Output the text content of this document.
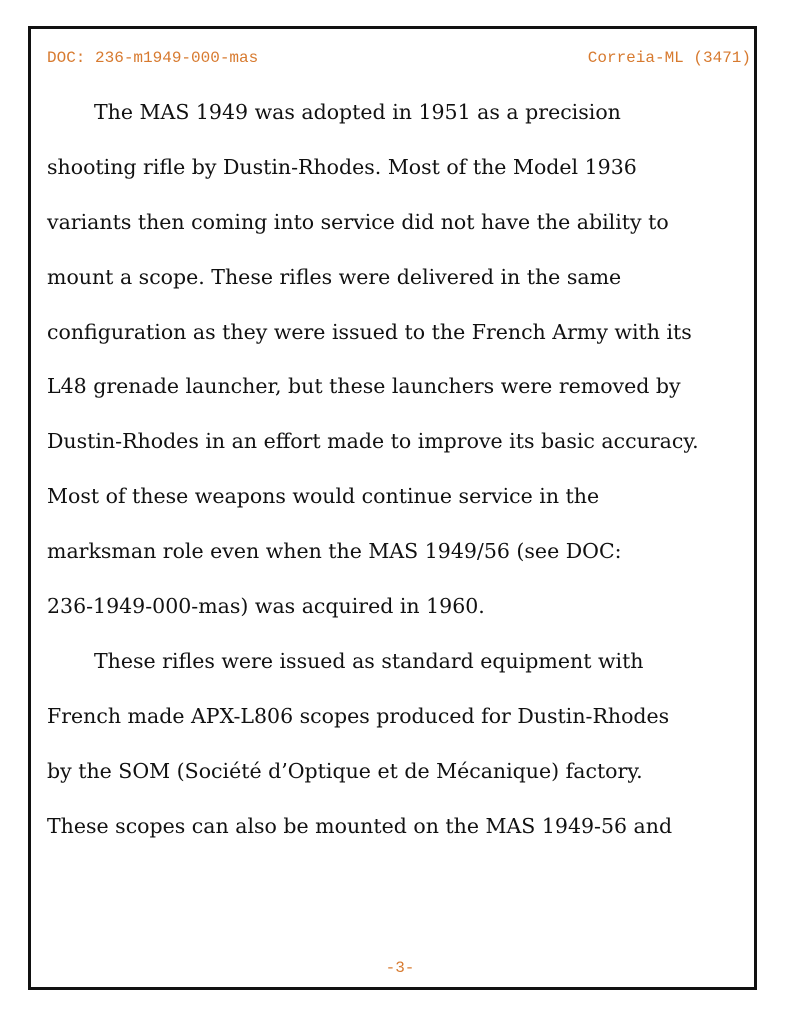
DOC: 236-m1949-000-mas	Correia-ML (3471)
The MAS 1949 was adopted in 1951 as a precision
shooting rifle by Dustin-Rhodes. Most of the Model 1936
variants then coming into service did not have the ability to
mount a scope. These rifles were delivered in the same
configuration as they were issued to the French Army with its
L48 grenade launcher, but these launchers were removed by
Dustin-Rhodes in an effort made to improve its basic accuracy.
Most of these weapons would continue service in the
marksman role even when the MAS 1949/56 (see DOC:
236-1949-000-mas) was acquired in 1960.
These rifles were issued as standard equipment with
French made APX-L806 scopes produced for Dustin-Rhodes
by the SOM (Société d’Optique et de Mécanique) factory.
These scopes can also be mounted on the MAS 1949-56 and
-3-
